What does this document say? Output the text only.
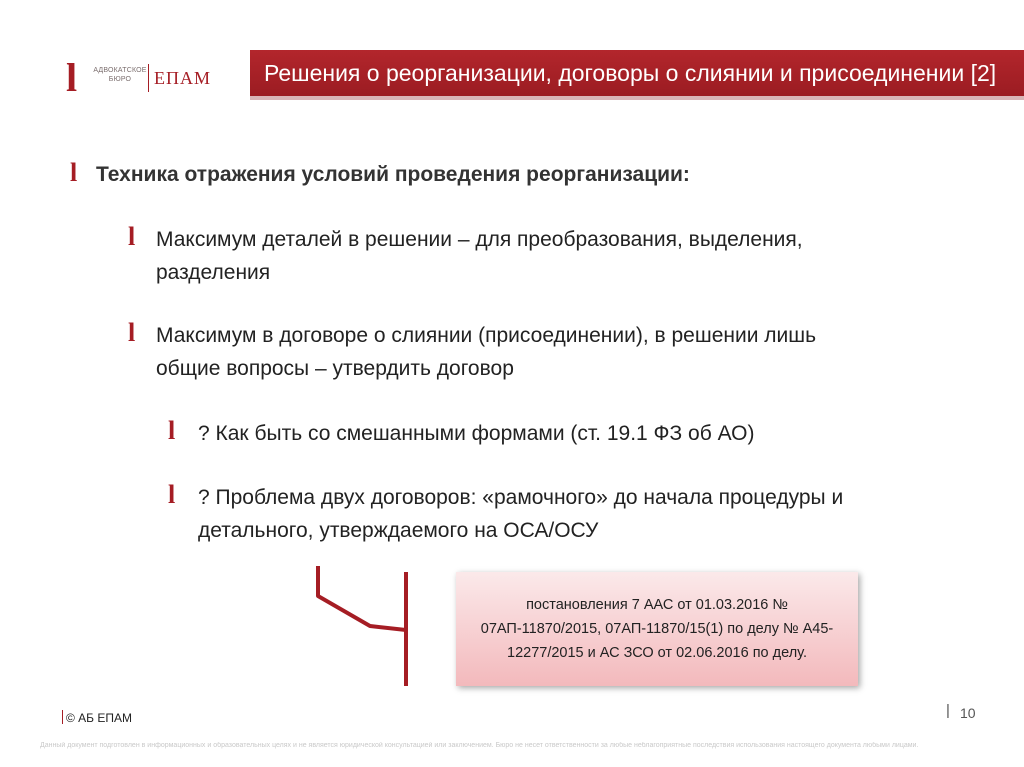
l	АДВОКАТСКОЕ БЮРО	ЕПАМ	Решения о реорганизации, договоры о слиянии и присоединении [2]
l Техника отражения условий проведения реорганизации:
l Максимум деталей в решении – для преобразования, выделения,
разделения
l Максимум в договоре о слиянии (присоединении), в решении лишь
общие вопросы – утвердить договор
l ? Как быть со смешанными формами (ст. 19.1 ФЗ об АО)
l ? Проблема двух договоров: «рамочного» до начала процедуры и
детального, утверждаемого на ОСА/ОСУ
постановления 7 ААС от 01.03.2016 № 07АП-11870/2015, 07АП-11870/15(1) по делу № А45-12277/2015 и АС ЗСО от 02.06.2016 по делу.
© АБ ЕПАМ	| 10
Данный документ подготовлен в информационных и образовательных целях и не является юридической консультацией или заключением. Бюро не несет ответственности за любые неблагоприятные последствия использования настоящего документа любыми лицами.
